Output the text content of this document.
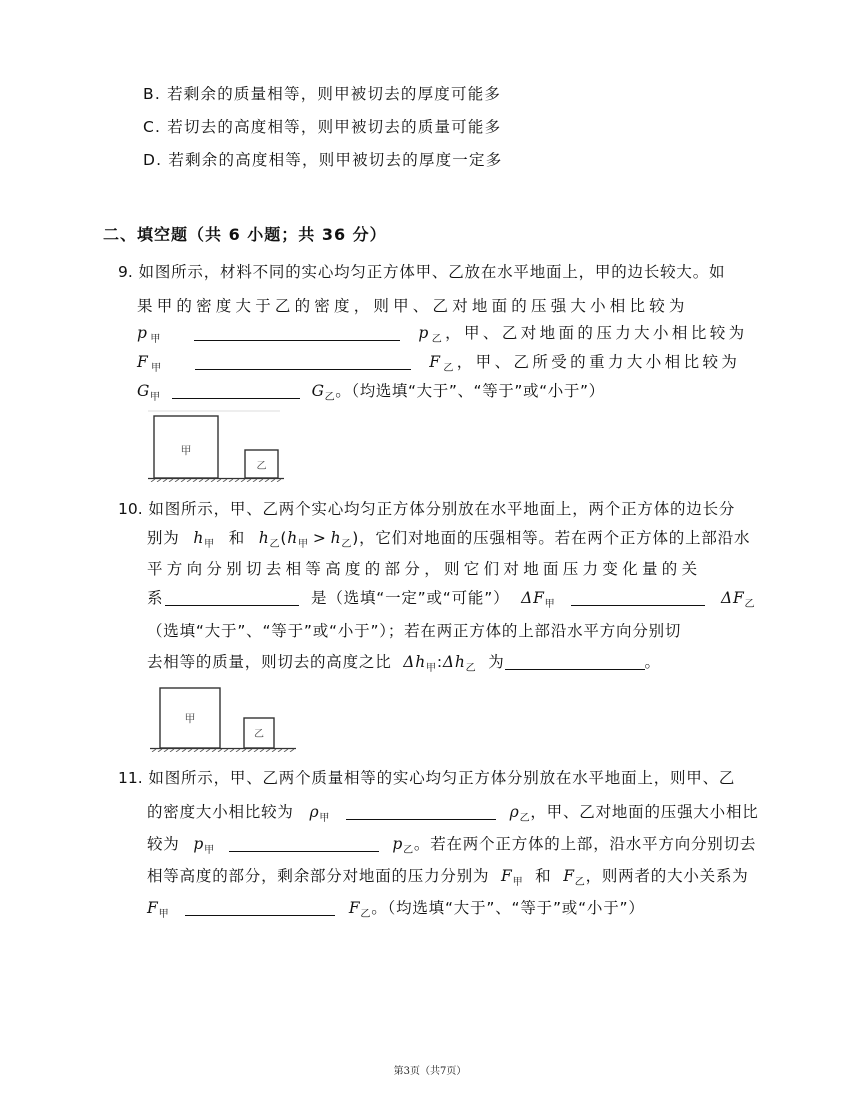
B. 若剩余的质量相等，则甲被切去的厚度可能多
C. 若切去的高度相等，则甲被切去的质量可能多
D. 若剩余的高度相等，则甲被切去的厚度一定多
二、填空题（共 6 小题；共 36 分）
9. 如图所示，材料不同的实心均匀正方体甲、乙放在水平地面上，甲的边长较大。如
果甲的密度大于乙的密度，则甲、乙对地面的压强大小相比较为
$p_甲$	$p_乙$，甲、乙对地面的压力大小相比较为
$F_甲$	$F_乙$，甲、乙所受的重力大小相比较为
$G_甲$	$G_乙$。（均选填“大于”、“等于”或“小于”）
甲
乙
10. 如图所示，甲、乙两个实心均匀正方体分别放在水平地面上，两个正方体的边长分
别为 $h_甲$ 和 $h_乙(h_甲 > h_乙)$，它们对地面的压强相等。若在两个正方体的上部沿水
平方向分别切去相等高度的部分，则它们对地面压力变化量的关
系	是（选填“一定”或“可能”） $\Delta F_甲$	$\Delta F_乙$
（选填“大于”、“等于”或“小于”）；若在两正方体的上部沿水平方向分别切
去相等的质量，则切去的高度之比 $\Delta h_甲:\Delta h_乙$ 为	。
甲
乙
11. 如图所示，甲、乙两个质量相等的实心均匀正方体分别放在水平地面上，则甲、乙
的密度大小相比较为 $\rho_甲$	$\rho_乙$，甲、乙对地面的压强大小相比
较为 $p_甲$	$p_乙$。若在两个正方体的上部，沿水平方向分别切去
相等高度的部分，剩余部分对地面的压力分别为 $F_甲$ 和 $F_乙$，则两者的大小关系为
$F_甲$	$F_乙$。（均选填“大于”、“等于”或“小于”）
第3页（共7页）
